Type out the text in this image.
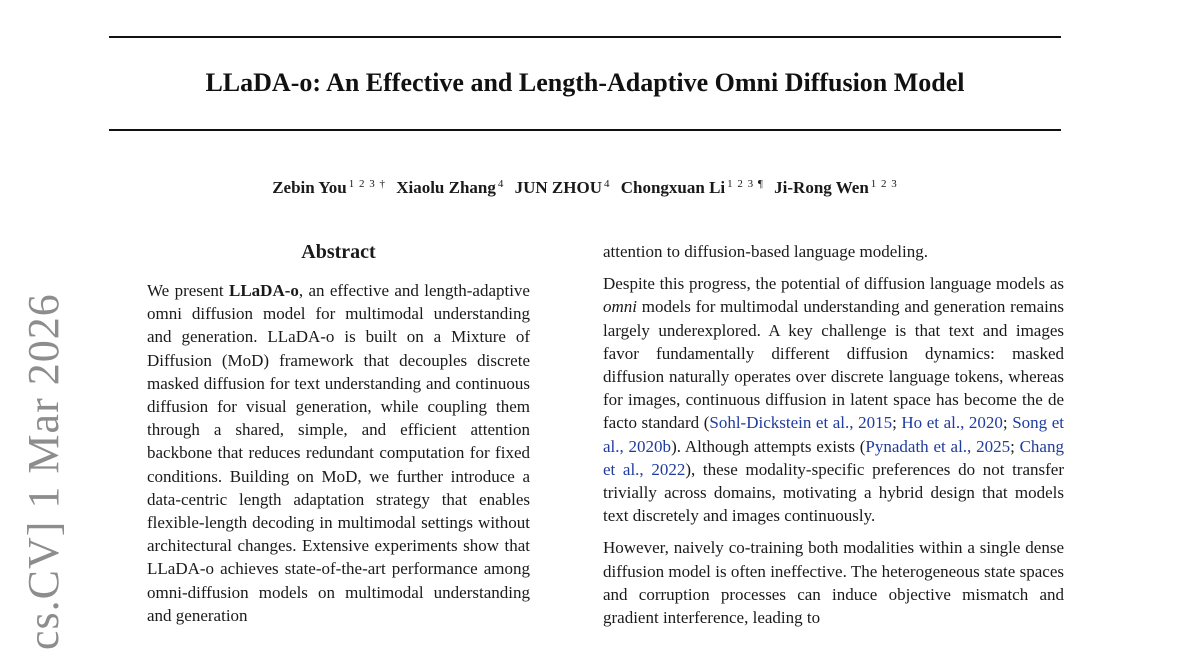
LLaDA-o: An Effective and Length-Adaptive Omni Diffusion Model
Zebin You $^{1 2 3 \dagger}$ Xiaolu Zhang $^4$ JUN ZHOU $^4$ Chongxuan Li $^{1 2 3 \P}$ Ji-Rong Wen $^{1 2 3}$
cs.CV] 1 Mar 2026
Abstract

We present LLaDA-o, an effective and length-adaptive omni diffusion model for multimodal understanding and generation. LLaDA-o is built on a Mixture of Diffusion (MoD) framework that decouples discrete masked diffusion for text understanding and continuous diffusion for visual generation, while coupling them through a shared, simple, and efficient attention backbone that reduces redundant computation for fixed conditions. Building on MoD, we further introduce a data-centric length adaptation strategy that enables flexible-length decoding in multimodal settings without architectural changes. Extensive experiments show that LLaDA-o achieves state-of-the-art performance among omni-diffusion models on multimodal understanding and generation

attention to diffusion-based language modeling.

Despite this progress, the potential of diffusion language models as omni models for multimodal understanding and generation remains largely underexplored. A key challenge is that text and images favor fundamentally different diffusion dynamics: masked diffusion naturally operates over discrete language tokens, whereas for images, continuous diffusion in latent space has become the de facto standard (Sohl-Dickstein et al., 2015; Ho et al., 2020; Song et al., 2020b). Although attempts exists (Pynadath et al., 2025; Chang et al., 2022), these modality-specific preferences do not transfer trivially across domains, motivating a hybrid design that models text discretely and images continuously.

However, naively co-training both modalities within a single dense diffusion model is often ineffective. The heterogeneous state spaces and corruption processes can induce objective mismatch and gradient interference, leading to
